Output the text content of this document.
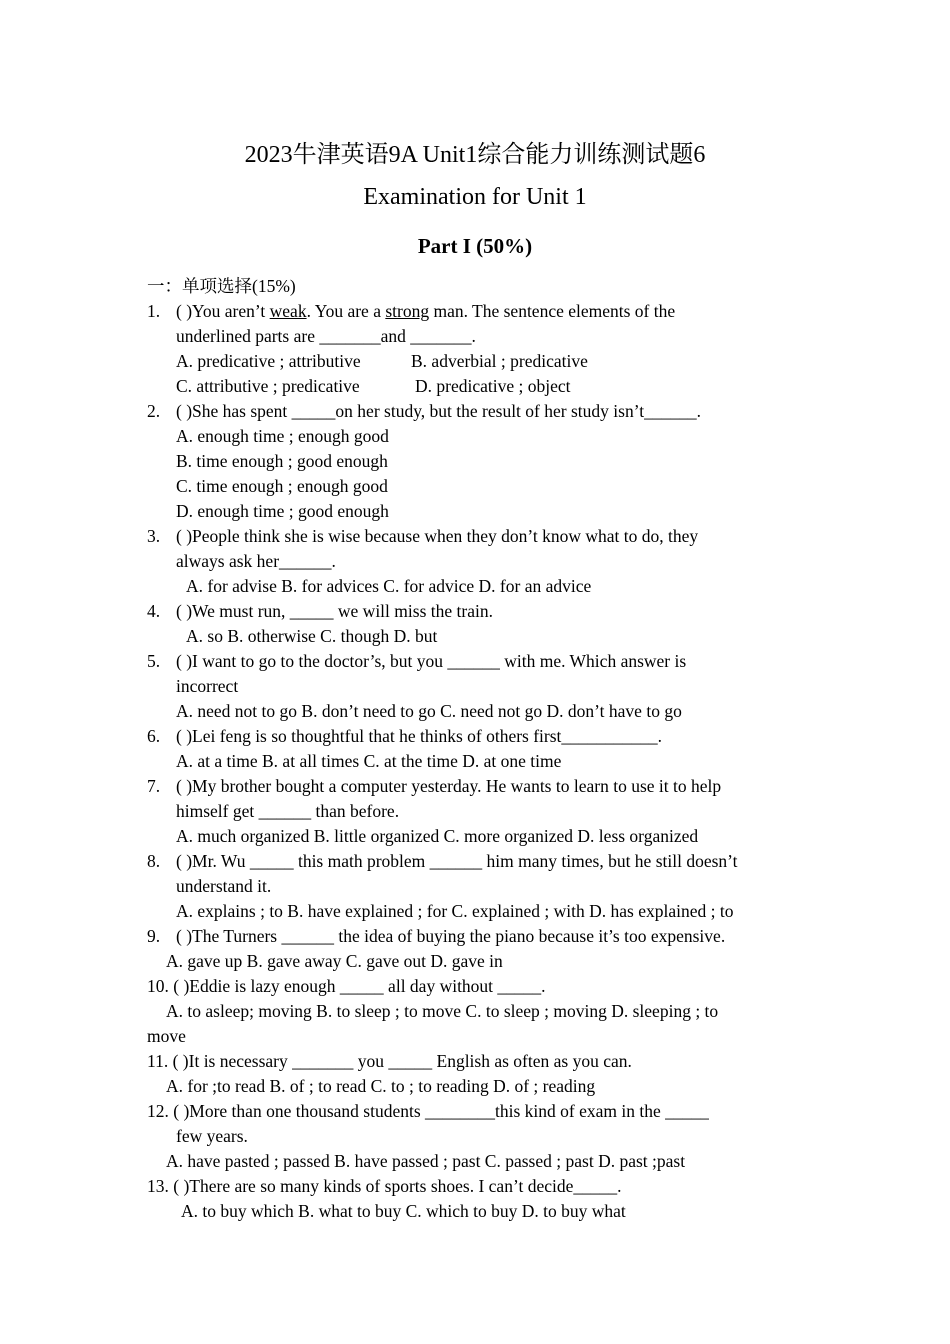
2023牛津英语9A Unit1综合能力训练测试题6
Examination for Unit 1
Part I (50%)
一：单项选择(15%)
1. ( )You aren’t weak. You are a strong man. The sentence elements of the
underlined parts are _______and _______.
A. predicative ; attributive	B. adverbial ; predicative
C. attributive ; predicative	D. predicative ; object
2. ( )She has spent _____on her study, but the result of her study isn’t______.
A. enough time ; enough good
B. time enough ; good enough
C. time enough ; enough good
D. enough time ; good enough
3. ( )People think she is wise because when they don’t know what to do, they
always ask her______.
A. for advise B. for advices C. for advice D. for an advice
4. ( )We must run, _____ we will miss the train.
A. so B. otherwise C. though D. but
5. ( )I want to go to the doctor’s, but you ______ with me. Which answer is
incorrect
A. need not to go B. don’t need to go C. need not go D. don’t have to go
6. ( )Lei feng is so thoughtful that he thinks of others first___________.
A. at a time B. at all times C. at the time D. at one time
7. ( )My brother bought a computer yesterday. He wants to learn to use it to help
himself get ______ than before.
A. much organized B. little organized C. more organized D. less organized
8. ( )Mr. Wu _____ this math problem ______ him many times, but he still doesn’t
understand it.
A. explains ; to B. have explained ; for C. explained ; with D. has explained ; to
9. ( )The Turners ______ the idea of buying the piano because it’s too expensive.
A. gave up B. gave away C. gave out D. gave in
10. ( )Eddie is lazy enough _____ all day without _____.
A. to asleep; moving B. to sleep ; to move C. to sleep ; moving D. sleeping ; to
move
11. ( )It is necessary _______ you _____ English as often as you can.
A. for ;to read B. of ; to read C. to ; to reading D. of ; reading
12. ( )More than one thousand students ________this kind of exam in the _____
few years.
A. have pasted ; passed B. have passed ; past C. passed ; past D. past ;past
13. ( )There are so many kinds of sports shoes. I can’t decide_____.
A. to buy which B. what to buy C. which to buy D. to buy what
